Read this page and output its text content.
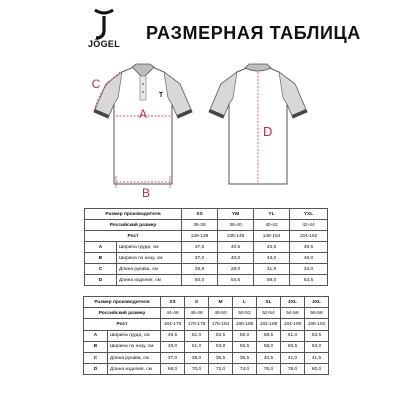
JÖGEL
РАЗМЕРНАЯ ТАБЛИЦА
A
B
C
D
Размер производителя		XS	YM	YL	YXL
Российский размер		36-38	38-40	40-42	42-44
Рост		128-138	138-146	146-154	154-162
A	Ширина груди, см	37,5	40,5	43,5	46,5
B	Ширина по низу, см	37,0	40,0	43,0	46,0
C	Длина рукава, см	26,8	28,0	31,9	34,0
D	Длина изделия, см	50,0	54,5	59,0	63,5
Размер производителя		XS	S	M	L	XL	2XL	3XL
Российский размер		44-46	46-48	48-50	50-52	52-54	54-56	56-58
Рост		164-170	170-176	176-184	180-186	182-188	184-190	186-192
A	Ширина груди, см	49,5	51,0	53,5	56,0	58,5	61,0	63,5
B	Ширина по низу, см	49,0	51,0	53,8	55,5	58,0	60,5	63,0
C	Длина рукава, см	37,0	38,0	39,5	39,5	40,5	41,0	41,5
D	Длина изделия, см	68,0	70,0	72,0	74,0	76,0	78,0	80,0
